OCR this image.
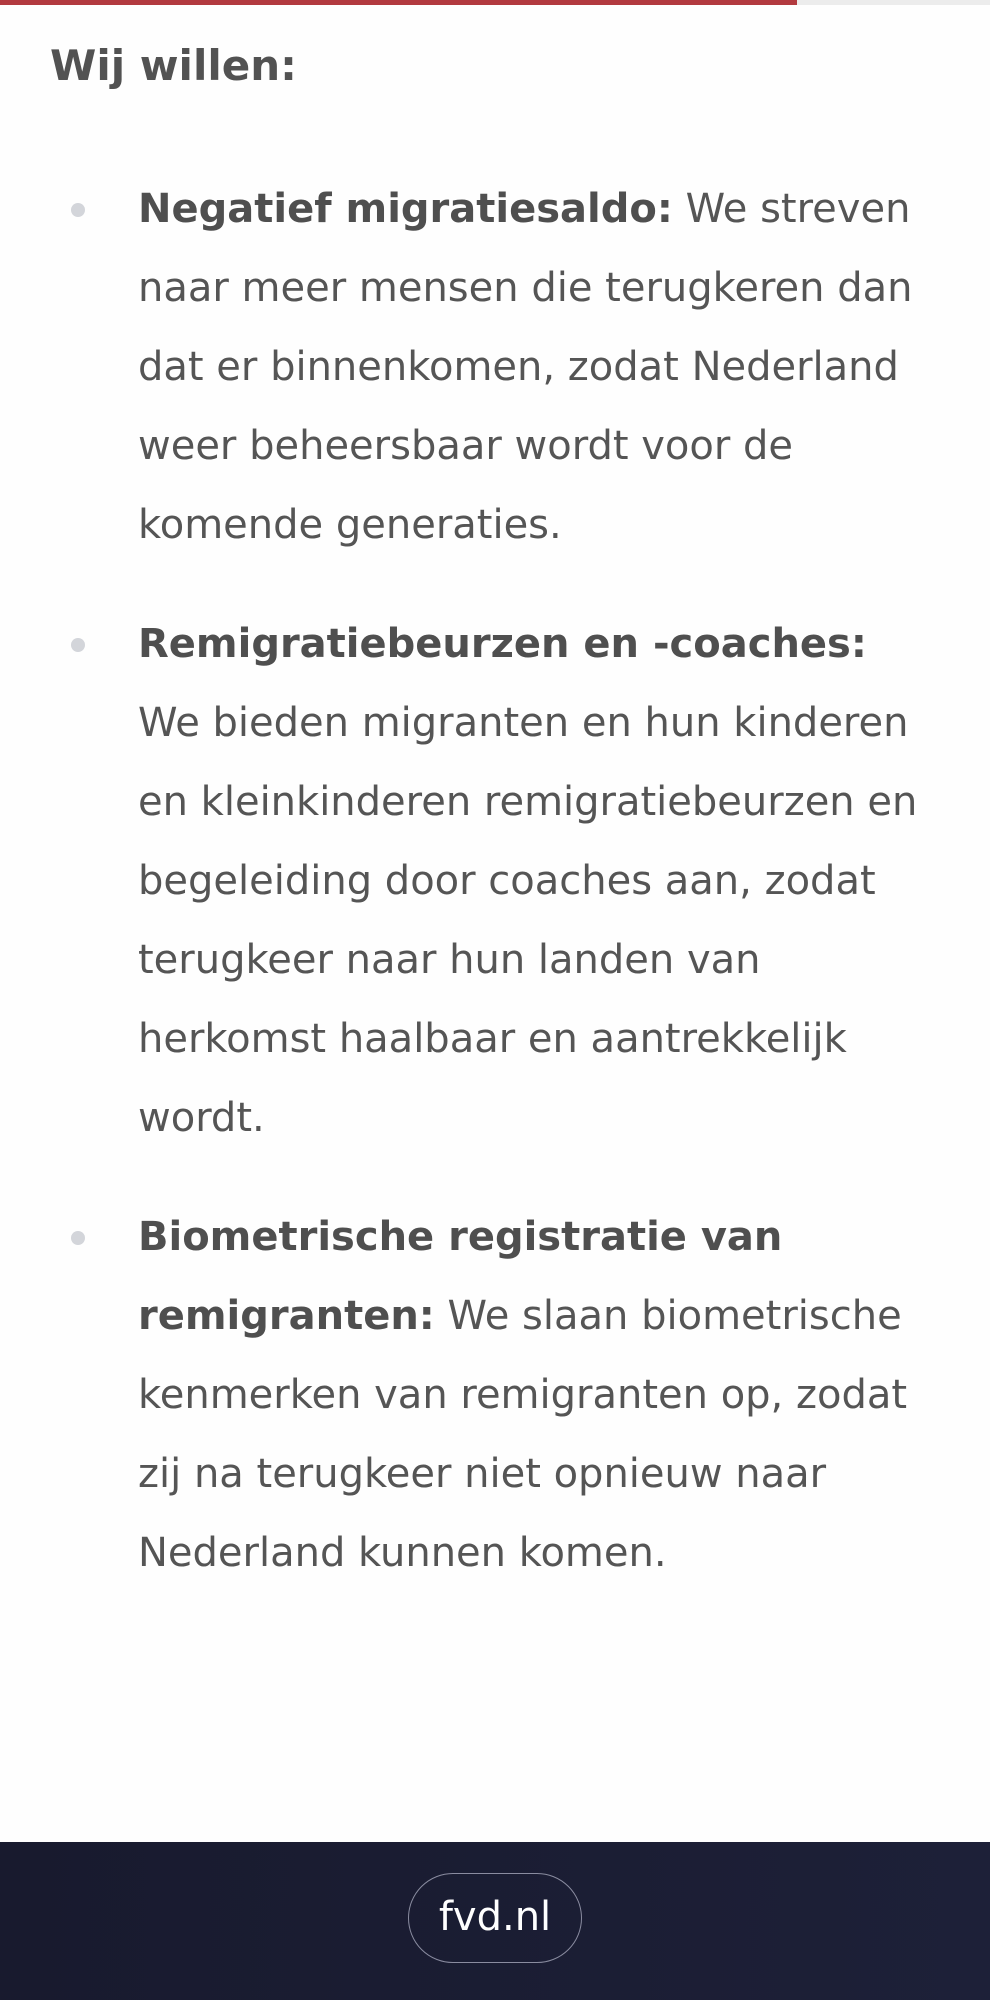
Wij willen:
Negatief migratiesaldo: We streven naar meer mensen die terugkeren dan dat er binnenkomen, zodat Nederland weer beheersbaar wordt voor de komende generaties.
Remigratiebeurzen en -coaches:
We bieden migranten en hun kinderen en kleinkinderen remigratiebeurzen en begeleiding door coaches aan, zodat terugkeer naar hun landen van herkomst haalbaar en aantrekkelijk wordt.
Biometrische registratie van remigranten: We slaan biometrische kenmerken van remigranten op, zodat zij na terugkeer niet opnieuw naar Nederland kunnen komen.
fvd.nl
